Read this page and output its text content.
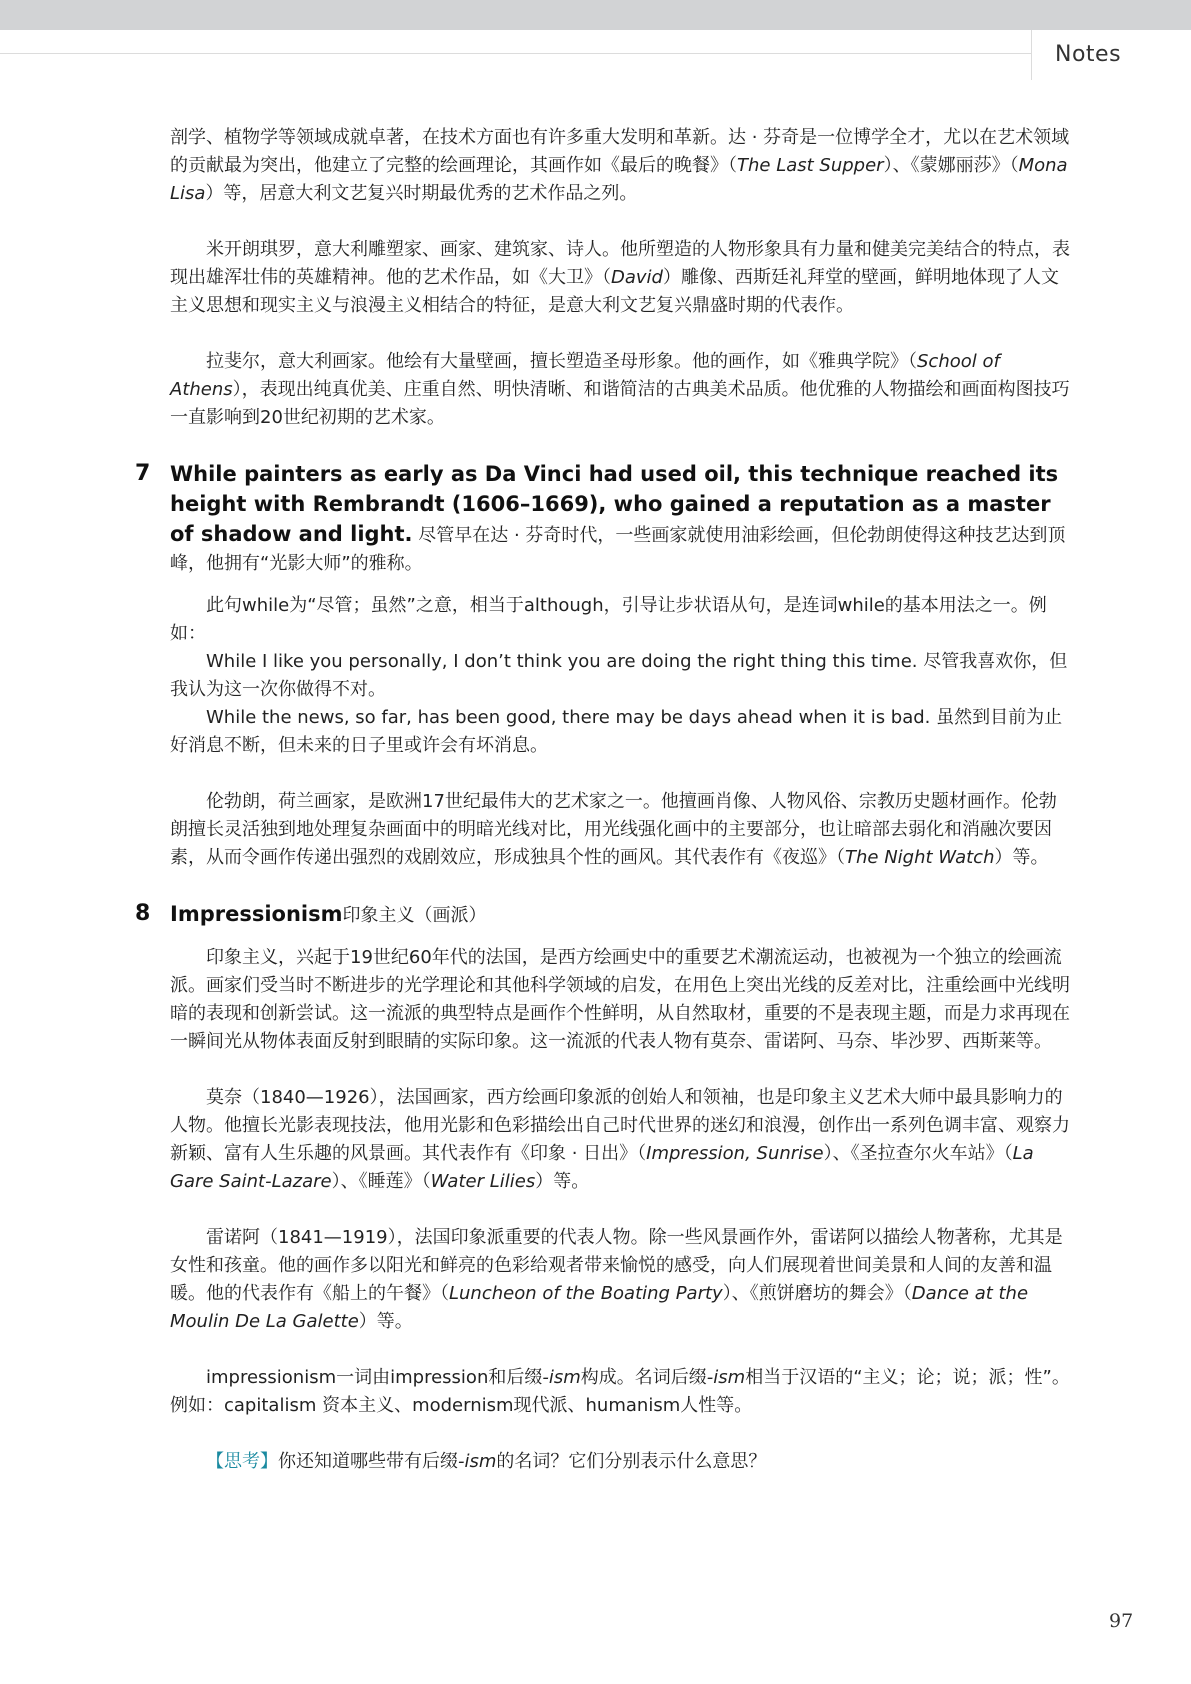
Notes

剖学、植物学等领域成就卓著，在技术方面也有许多重大发明和革新。达 · 芬奇是一位博学全才，尤以在艺术领域的贡献最为突出，他建立了完整的绘画理论，其画作如《最后的晚餐》（The Last Supper）、《蒙娜丽莎》（Mona Lisa）等，居意大利文艺复兴时期最优秀的艺术作品之列。

米开朗琪罗，意大利雕塑家、画家、建筑家、诗人。他所塑造的人物形象具有力量和健美完美结合的特点，表现出雄浑壮伟的英雄精神。他的艺术作品，如《大卫》（David）雕像、西斯廷礼拜堂的壁画，鲜明地体现了人文主义思想和现实主义与浪漫主义相结合的特征，是意大利文艺复兴鼎盛时期的代表作。

拉斐尔，意大利画家。他绘有大量壁画，擅长塑造圣母形象。他的画作，如《雅典学院》（School of Athens），表现出纯真优美、庄重自然、明快清晰、和谐简洁的古典美术品质。他优雅的人物描绘和画面构图技巧一直影响到20世纪初期的艺术家。

7 While painters as early as Da Vinci had used oil, this technique reached its height with Rembrandt (1606–1669), who gained a reputation as a master of shadow and light. 尽管早在达 · 芬奇时代，一些画家就使用油彩绘画，但伦勃朗使得这种技艺达到顶峰，他拥有“光影大师”的雅称。

此句while为“尽管；虽然”之意，相当于although，引导让步状语从句，是连词while的基本用法之一。例如：

While I like you personally, I don’t think you are doing the right thing this time. 尽管我喜欢你，但我认为这一次你做得不对。

While the news, so far, has been good, there may be days ahead when it is bad. 虽然到目前为止好消息不断，但未来的日子里或许会有坏消息。

伦勃朗，荷兰画家，是欧洲17世纪最伟大的艺术家之一。他擅画肖像、人物风俗、宗教历史题材画作。伦勃朗擅长灵活独到地处理复杂画面中的明暗光线对比，用光线强化画中的主要部分，也让暗部去弱化和消融次要因素，从而令画作传递出强烈的戏剧效应，形成独具个性的画风。其代表作有《夜巡》（The Night Watch）等。

8 Impressionism印象主义（画派）

印象主义，兴起于19世纪60年代的法国，是西方绘画史中的重要艺术潮流运动，也被视为一个独立的绘画流派。画家们受当时不断进步的光学理论和其他科学领域的启发，在用色上突出光线的反差对比，注重绘画中光线明暗的表现和创新尝试。这一流派的典型特点是画作个性鲜明，从自然取材，重要的不是表现主题，而是力求再现在一瞬间光从物体表面反射到眼睛的实际印象。这一流派的代表人物有莫奈、雷诺阿、马奈、毕沙罗、西斯莱等。

莫奈（1840—1926），法国画家，西方绘画印象派的创始人和领袖，也是印象主义艺术大师中最具影响力的人物。他擅长光影表现技法，他用光影和色彩描绘出自己时代世界的迷幻和浪漫，创作出一系列色调丰富、观察力新颖、富有人生乐趣的风景画。其代表作有《印象 · 日出》（Impression, Sunrise）、《圣拉查尔火车站》（La Gare Saint-Lazare）、《睡莲》（Water Lilies）等。

雷诺阿（1841—1919），法国印象派重要的代表人物。除一些风景画作外，雷诺阿以描绘人物著称，尤其是女性和孩童。他的画作多以阳光和鲜亮的色彩给观者带来愉悦的感受，向人们展现着世间美景和人间的友善和温暖。他的代表作有《船上的午餐》（Luncheon of the Boating Party）、《煎饼磨坊的舞会》（Dance at the Moulin De La Galette）等。

impressionism一词由impression和后缀-ism构成。名词后缀-ism相当于汉语的“主义；论；说；派；性”。例如：capitalism 资本主义、modernism现代派、humanism人性等。

【思考】你还知道哪些带有后缀-ism的名词？它们分别表示什么意思？

97
